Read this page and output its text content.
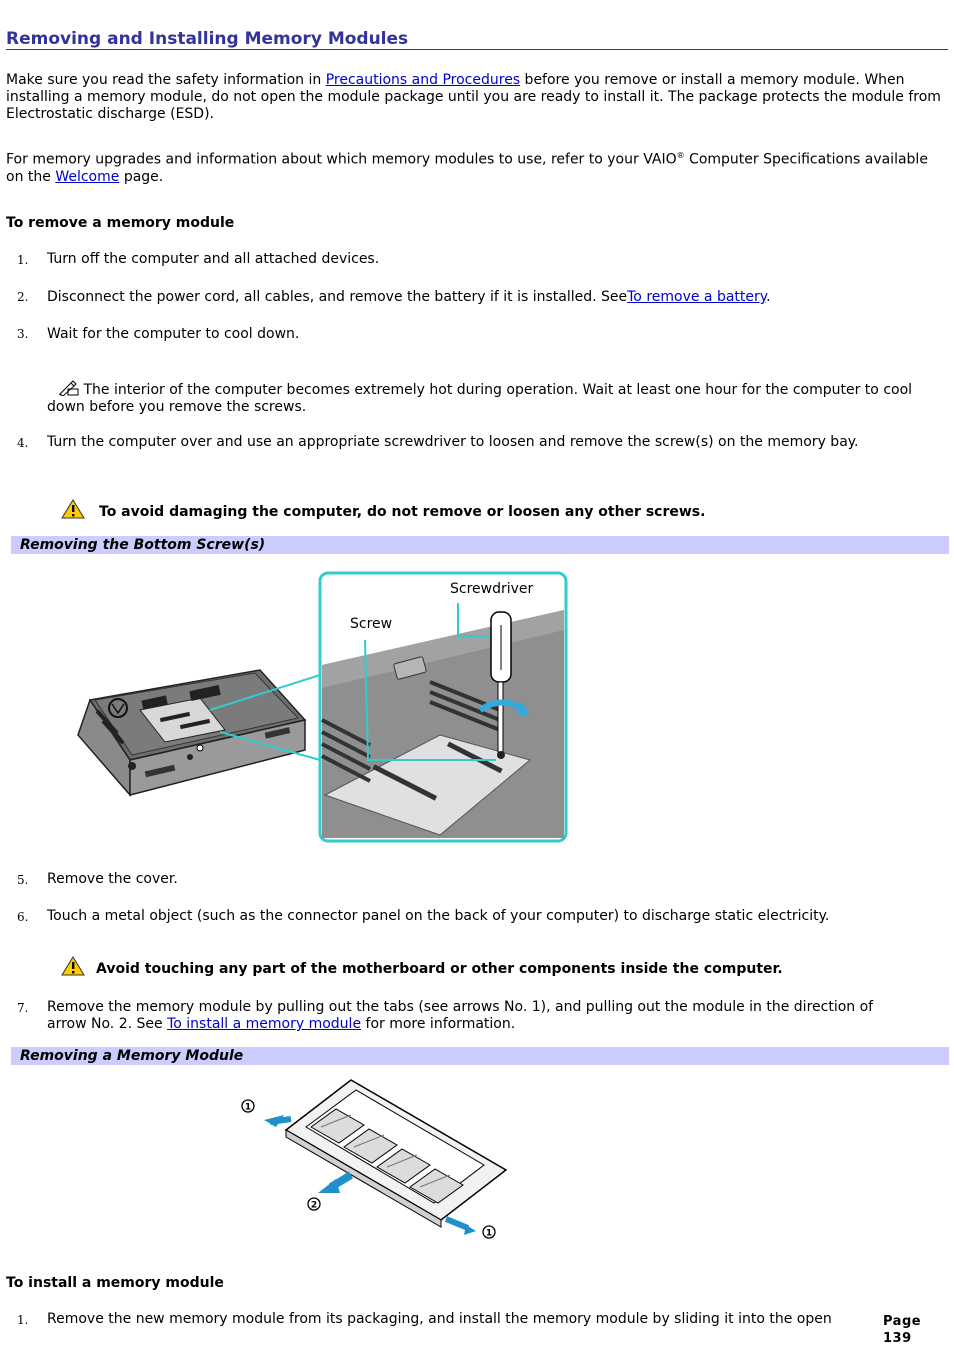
Removing and Installing Memory Modules

Make sure you read the safety information in Precautions and Procedures before you remove or install a memory module. When installing a memory module, do not open the module package until you are ready to install it. The package protects the module from Electrostatic discharge (ESD).

For memory upgrades and information about which memory modules to use, refer to your VAIO® Computer Specifications available on the Welcome page.

To remove a memory module

1. Turn off the computer and all attached devices.

2. Disconnect the power cord, all cables, and remove the battery if it is installed. SeeTo remove a battery.

3. Wait for the computer to cool down.

The interior of the computer becomes extremely hot during operation. Wait at least one hour for the computer to cool down before you remove the screws.

4. Turn the computer over and use an appropriate screwdriver to loosen and remove the screw(s) on the memory bay.

To avoid damaging the computer, do not remove or loosen any other screws.

Removing the Bottom Screw(s)
Screwdriver
Screw
5. Remove the cover.

6. Touch a metal object (such as the connector panel on the back of your computer) to discharge static electricity.

Avoid touching any part of the motherboard or other components inside the computer.

7. Remove the memory module by pulling out the tabs (see arrows No. 1), and pulling out the module in the direction of arrow No. 2. See To install a memory module for more information.

Removing a Memory Module
1
2
1

To install a memory module

1. Remove the new memory module from its packaging, and install the memory module by sliding it into the open	Page 139
